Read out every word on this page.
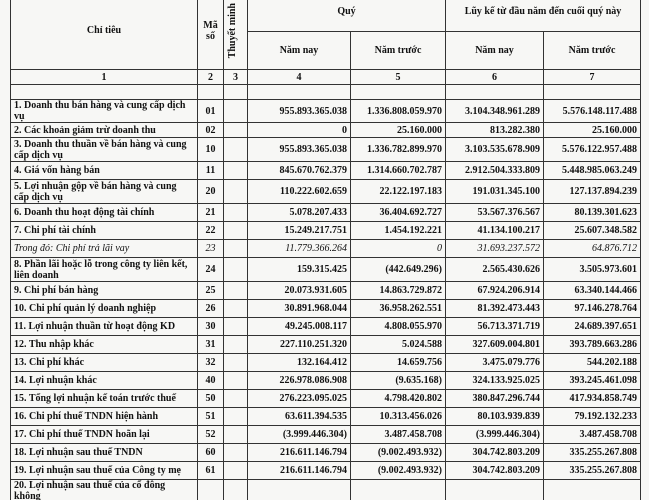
Chỉ tiêu	Mã số	Thuyết minh	Quý		Lũy kế từ đầu năm đến cuối quý này	
			Năm nay	Năm trước	Năm nay	Năm trước
1	2	3	4	5	6	7

1. Doanh thu bán hàng và cung cấp dịch vụ	01		955.893.365.038	1.336.808.059.970	3.104.348.961.289	5.576.148.117.488
2. Các khoản giảm trừ doanh thu	02		0	25.160.000	813.282.380	25.160.000
3. Doanh thu thuần về bán hàng và cung cấp dịch vụ	10		955.893.365.038	1.336.782.899.970	3.103.535.678.909	5.576.122.957.488
4. Giá vốn hàng bán	11		845.670.762.379	1.314.660.702.787	2.912.504.333.809	5.448.985.063.249
5. Lợi nhuận gộp về bán hàng và cung cấp dịch vụ	20		110.222.602.659	22.122.197.183	191.031.345.100	127.137.894.239
6. Doanh thu hoạt động tài chính	21		5.078.207.433	36.404.692.727	53.567.376.567	80.139.301.623
7. Chi phí tài chính	22		15.249.217.751	1.454.192.221	41.134.100.217	25.607.348.582
Trong đó: Chi phí trả lãi vay	23		11.779.366.264	0	31.693.237.572	64.876.712
8. Phần lãi hoặc lỗ trong công ty liên kết, liên doanh	24		159.315.425	(442.649.296)	2.565.430.626	3.505.973.601
9. Chi phí bán hàng	25		20.073.931.605	14.863.729.872	67.924.206.914	63.340.144.466
10. Chi phí quản lý doanh nghiệp	26		30.891.968.044	36.958.262.551	81.392.473.443	97.146.278.764
11. Lợi nhuận thuần từ hoạt động KD	30		49.245.008.117	4.808.055.970	56.713.371.719	24.689.397.651
12. Thu nhập khác	31		227.110.251.320	5.024.588	327.609.004.801	393.789.663.286
13. Chi phí khác	32		132.164.412	14.659.756	3.475.079.776	544.202.188
14. Lợi nhuận khác	40		226.978.086.908	(9.635.168)	324.133.925.025	393.245.461.098
15. Tổng lợi nhuận kế toán trước thuế	50		276.223.095.025	4.798.420.802	380.847.296.744	417.934.858.749
16. Chi phí thuế TNDN hiện hành	51		63.611.394.535	10.313.456.026	80.103.939.839	79.192.132.233
17. Chi phí thuế TNDN hoãn lại	52		(3.999.446.304)	3.487.458.708	(3.999.446.304)	3.487.458.708
18. Lợi nhuận sau thuế TNDN	60		216.611.146.794	(9.002.493.932)	304.742.803.209	335.255.267.808
19. Lợi nhuận sau thuế của Công ty mẹ	61		216.611.146.794	(9.002.493.932)	304.742.803.209	335.255.267.808
20. Lợi nhuận sau thuế của cổ đông không						
